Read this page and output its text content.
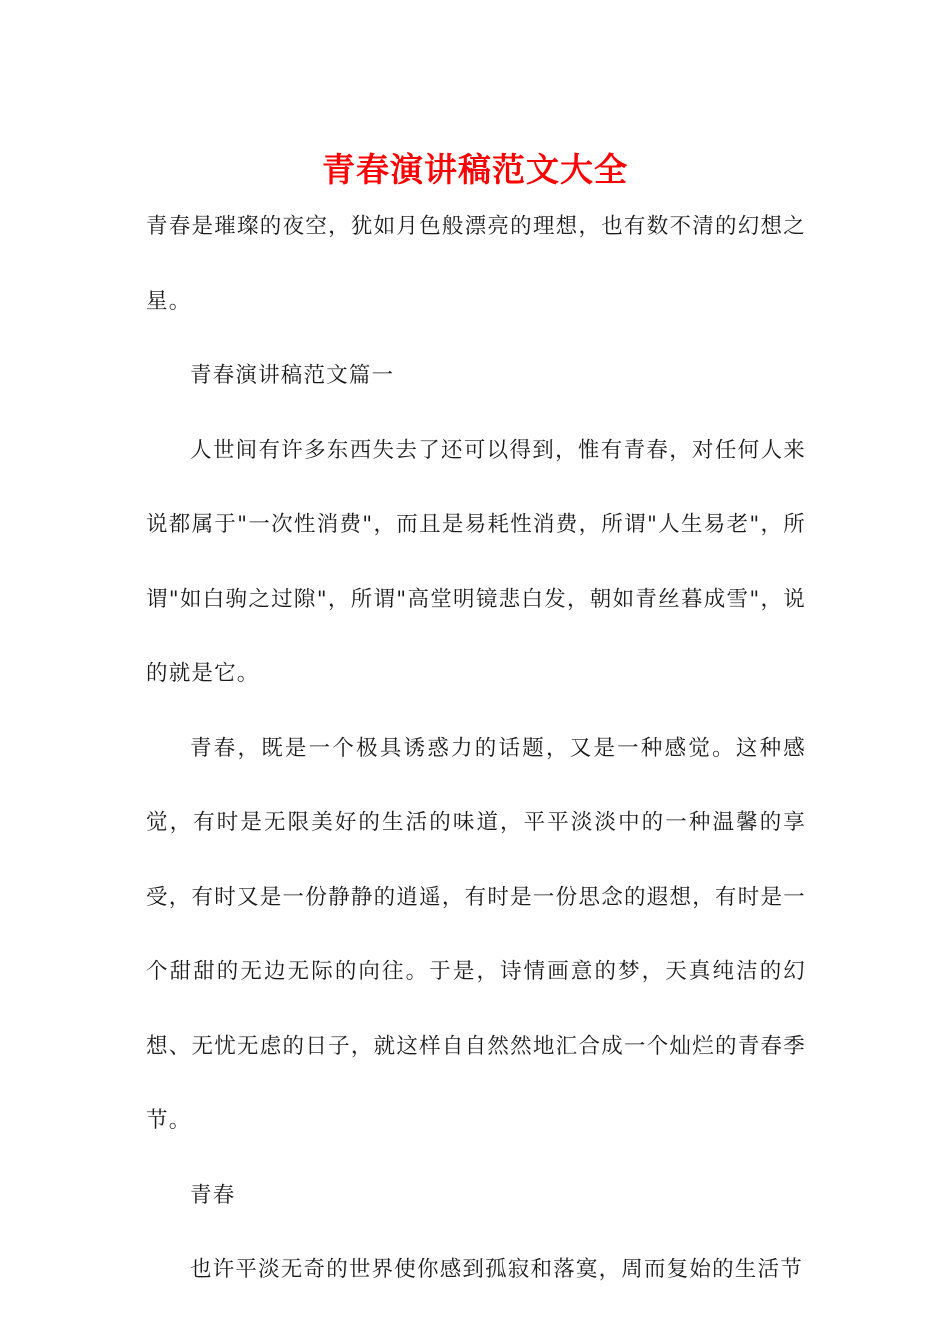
青春演讲稿范文大全

青春是璀璨的夜空，犹如月色般漂亮的理想，也有数不清的幻想之星。

青春演讲稿范文篇一

人世间有许多东西失去了还可以得到，惟有青春，对任何人来说都属于"一次性消费"，而且是易耗性消费，所谓"人生易老"，所谓"如白驹之过隙"，所谓"高堂明镜悲白发，朝如青丝暮成雪"，说的就是它。

青春，既是一个极具诱惑力的话题，又是一种感觉。这种感觉，有时是无限美好的生活的味道，平平淡淡中的一种温馨的享受，有时又是一份静静的逍遥，有时是一份思念的遐想，有时是一个甜甜的无边无际的向往。于是，诗情画意的梦，天真纯洁的幻想、无忧无虑的日子，就这样自自然然地汇合成一个灿烂的青春季节。

青春

也许平淡无奇的世界使你感到孤寂和落寞，周而复始的生活节
